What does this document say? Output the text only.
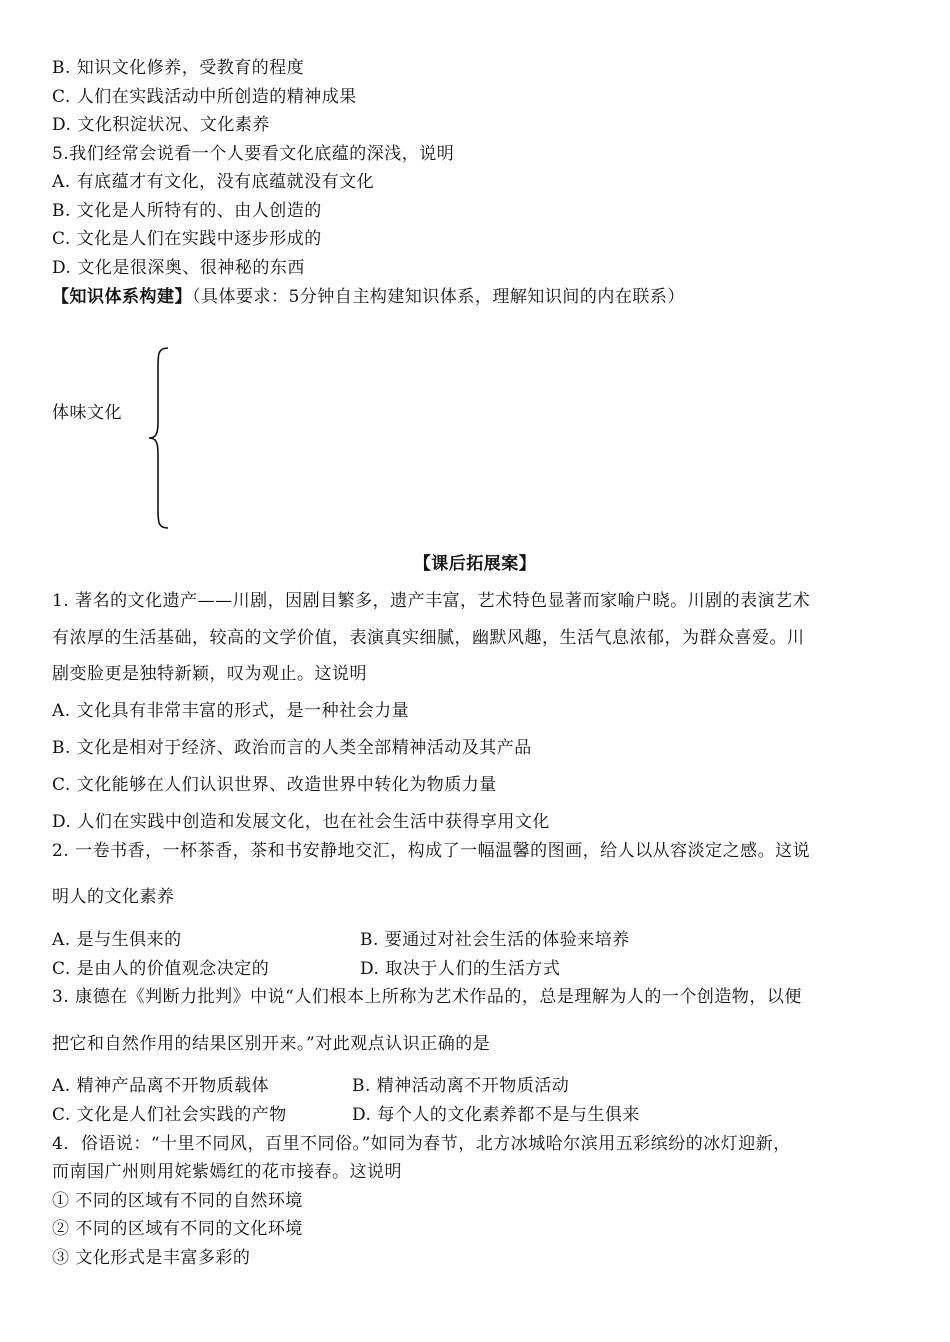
B. 知识文化修养，受教育的程度
C. 人们在实践活动中所创造的精神成果
D. 文化积淀状况、文化素养
5.我们经常会说看一个人要看文化底蕴的深浅，说明
A. 有底蕴才有文化，没有底蕴就没有文化
B. 文化是人所特有的、由人创造的
C. 文化是人们在实践中逐步形成的
D. 文化是很深奥、很神秘的东西
【知识体系构建】（具体要求：5分钟自主构建知识体系，理解知识间的内在联系）
体味文化
【课后拓展案】
1. 著名的文化遗产——川剧，因剧目繁多，遗产丰富，艺术特色显著而家喻户晓。川剧的表演艺术
有浓厚的生活基础，较高的文学价值，表演真实细腻，幽默风趣，生活气息浓郁，为群众喜爱。川
剧变脸更是独特新颖，叹为观止。这说明
A. 文化具有非常丰富的形式，是一种社会力量
B. 文化是相对于经济、政治而言的人类全部精神活动及其产品
C. 文化能够在人们认识世界、改造世界中转化为物质力量
D. 人们在实践中创造和发展文化，也在社会生活中获得享用文化
2. 一卷书香，一杯茶香，茶和书安静地交汇，构成了一幅温馨的图画，给人以从容淡定之感。这说
明人的文化素养
A. 是与生俱来的	B. 要通过对社会生活的体验来培养
C. 是由人的价值观念决定的	D. 取决于人们的生活方式
3. 康德在《判断力批判》中说“人们根本上所称为艺术作品的，总是理解为人的一个创造物，以便
把它和自然作用的结果区别开来。”对此观点认识正确的是
A. 精神产品离不开物质载体	B. 精神活动离不开物质活动
C. 文化是人们社会实践的产物	D. 每个人的文化素养都不是与生俱来
4．俗语说：“十里不同风，百里不同俗。”如同为春节，北方冰城哈尔滨用五彩缤纷的冰灯迎新，
而南国广州则用姹紫嫣红的花市接春。这说明
① 不同的区域有不同的自然环境
② 不同的区域有不同的文化环境
③ 文化形式是丰富多彩的
